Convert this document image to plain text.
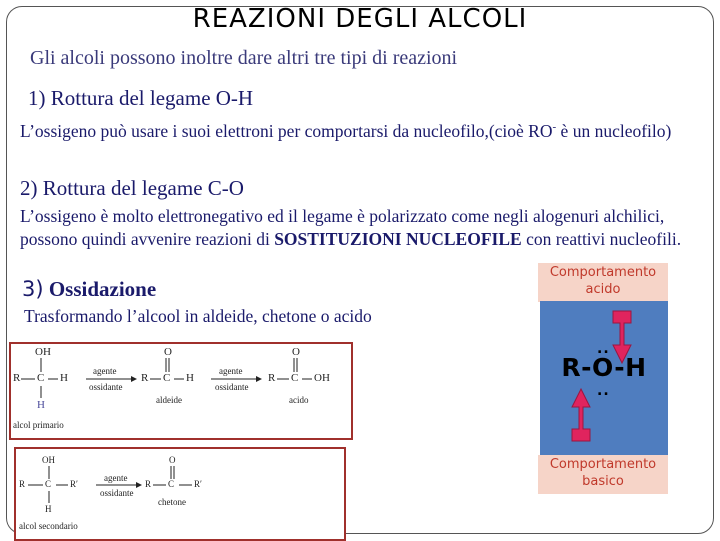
REAZIONI DEGLI ALCOLI
Gli alcoli possono inoltre dare altri tre tipi di reazioni
1) Rottura del legame O-H
L’ossigeno può usare i suoi elettroni per comportarsi da nucleofilo,(cioè RO- è un nucleofilo)
2) Rottura del legame C-O
L’ossigeno è molto elettronegativo ed il legame è polarizzato come negli alogenuri alchilici, possono quindi avvenire reazioni di SOSTITUZIONI NUCLEOFILE con reattivi nucleofili.
3) Ossidazione
Trasformando l’alcool in aldeide, chetone o acido
Comportamento
acido
..
R-O-H
..
Comportamento
basico
OH
R C H
H
agente
ossidante
O
R C H
aldeide
agente
ossidante
O
R C OH
acido
alcol primario
OH
R C R′
H
agente
ossidante
O
R C R′
chetone
alcol secondario
